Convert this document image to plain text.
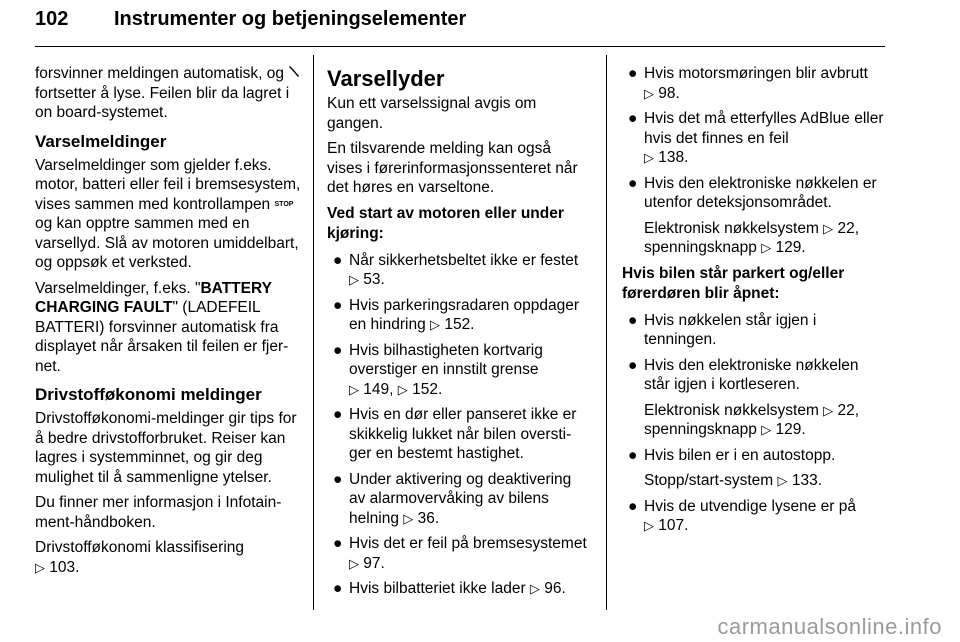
102 Instrumenter og betjeningselementer

forsvinner meldingen automatisk, og  fortsetter å lyse. Feilen blir da lagret i on board-systemet.

Varselmeldinger

Varselmeldinger som gjelder f.eks. motor, batteri eller feil i bremsesystem, vises sammen med kontrollampen STOP og kan opptre sammen med en varsellyd. Slå av motoren umiddelbart, og oppsøk et verksted.

Varselmeldinger, f.eks. "BATTERY CHARGING FAULT" (LADEFEIL BATTERI) forsvinner automatisk fra displayet når årsaken til feilen er fjernet.

Drivstofføkonomi meldinger

Drivstofføkonomi-meldinger gir tips for å bedre drivstofforbruket. Reiser kan lagres i systemminnet, og gir deg mulighet til å sammenligne ytelser.

Du finner mer informasjon i Infotainment-håndboken.

Drivstofføkonomi klassifisering
▷ 103.

Varsellyder

Kun ett varselssignal avgis om gangen.

En tilsvarende melding kan også vises i førerinformasjonssenteret når det høres en varseltone.

Ved start av motoren eller under kjøring:
● Når sikkerhetsbeltet ikke er festet
▷ 53.
● Hvis parkeringsradaren oppdager en hindring ▷ 152.
● Hvis bilhastigheten kortvarig overstiger en innstilt grense
▷ 149, ▷ 152.
● Hvis en dør eller panseret ikke er skikkelig lukket når bilen overstiger en bestemt hastighet.
● Under aktivering og deaktivering av alarmovervåking av bilens helning ▷ 36.
● Hvis det er feil på bremsesystemet ▷ 97.
● Hvis bilbatteriet ikke lader ▷ 96.
● Hvis motorsmøringen blir avbrutt
▷ 98.
● Hvis det må etterfylles AdBlue eller hvis det finnes en feil
▷ 138.
● Hvis den elektroniske nøkkelen er utenfor deteksjonsområdet.
Elektronisk nøkkelsystem ▷ 22,
spenningsknapp ▷ 129.
Hvis bilen står parkert og/eller førerdøren blir åpnet:
● Hvis nøkkelen står igjen i tenningen.
● Hvis den elektroniske nøkkelen står igjen i kortleseren.
Elektronisk nøkkelsystem ▷ 22,
spenningsknapp ▷ 129.
● Hvis bilen er i en autostopp.
Stopp/start-system ▷ 133.
● Hvis de utvendige lysene er på
▷ 107.
carmanualsonline.info
